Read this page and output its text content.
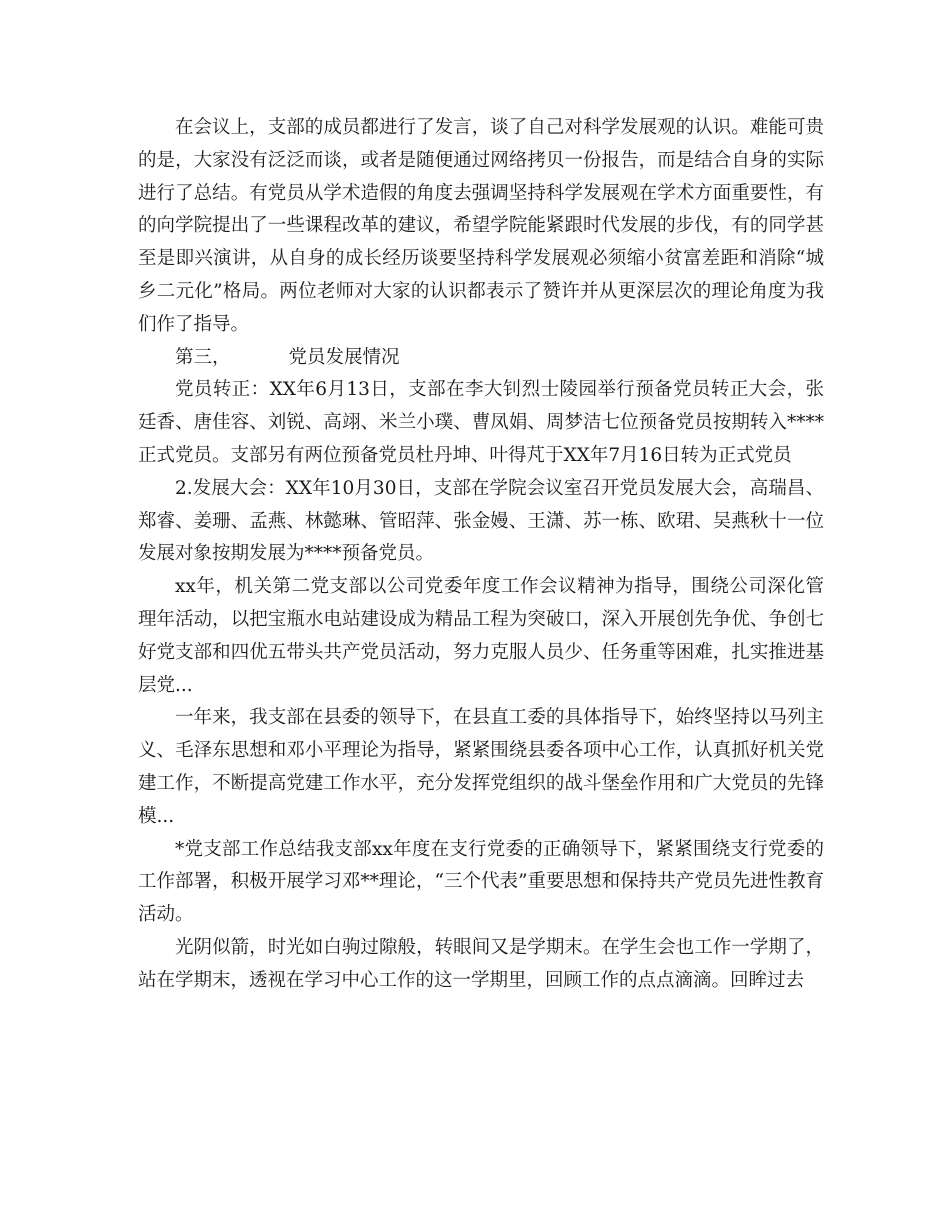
在会议上，支部的成员都进行了发言，谈了自己对科学发展观的认识。难能可贵的是，大家没有泛泛而谈，或者是随便通过网络拷贝一份报告，而是结合自身的实际进行了总结。有党员从学术造假的角度去强调坚持科学发展观在学术方面重要性，有的向学院提出了一些课程改革的建议，希望学院能紧跟时代发展的步伐，有的同学甚至是即兴演讲，从自身的成长经历谈要坚持科学发展观必须缩小贫富差距和消除“城乡二元化”格局。两位老师对大家的认识都表示了赞许并从更深层次的理论角度为我们作了指导。

第三，	党员发展情况

党员转正：XX年6月13日，支部在李大钊烈士陵园举行预备党员转正大会，张廷香、唐佳容、刘锐、高翊、米兰小璞、曹凤娟、周梦洁七位预备党员按期转入****正式党员。支部另有两位预备党员杜丹坤、叶得芃于XX年7月16日转为正式党员

2.发展大会：XX年10月30日，支部在学院会议室召开党员发展大会，高瑞昌、郑睿、姜珊、孟燕、林懿琳、管昭萍、张金嫚、王潇、苏一栋、欧珺、吴燕秋十一位发展对象按期发展为****预备党员。

xx年，机关第二党支部以公司党委年度工作会议精神为指导，围绕公司深化管理年活动，以把宝瓶水电站建设成为精品工程为突破口，深入开展创先争优、争创七好党支部和四优五带头共产党员活动，努力克服人员少、任务重等困难，扎实推进基层党...

一年来，我支部在县委的领导下，在县直工委的具体指导下，始终坚持以马列主义、毛泽东思想和邓小平理论为指导，紧紧围绕县委各项中心工作，认真抓好机关党建工作，不断提高党建工作水平，充分发挥党组织的战斗堡垒作用和广大党员的先锋模...

*党支部工作总结我支部xx年度在支行党委的正确领导下，紧紧围绕支行党委的工作部署，积极开展学习邓**理论，“三个代表”重要思想和保持共产党员先进性教育活动。

光阴似箭，时光如白驹过隙般，转眼间又是学期末。在学生会也工作一学期了，站在学期末，透视在学习中心工作的这一学期里，回顾工作的点点滴滴。回眸过去
